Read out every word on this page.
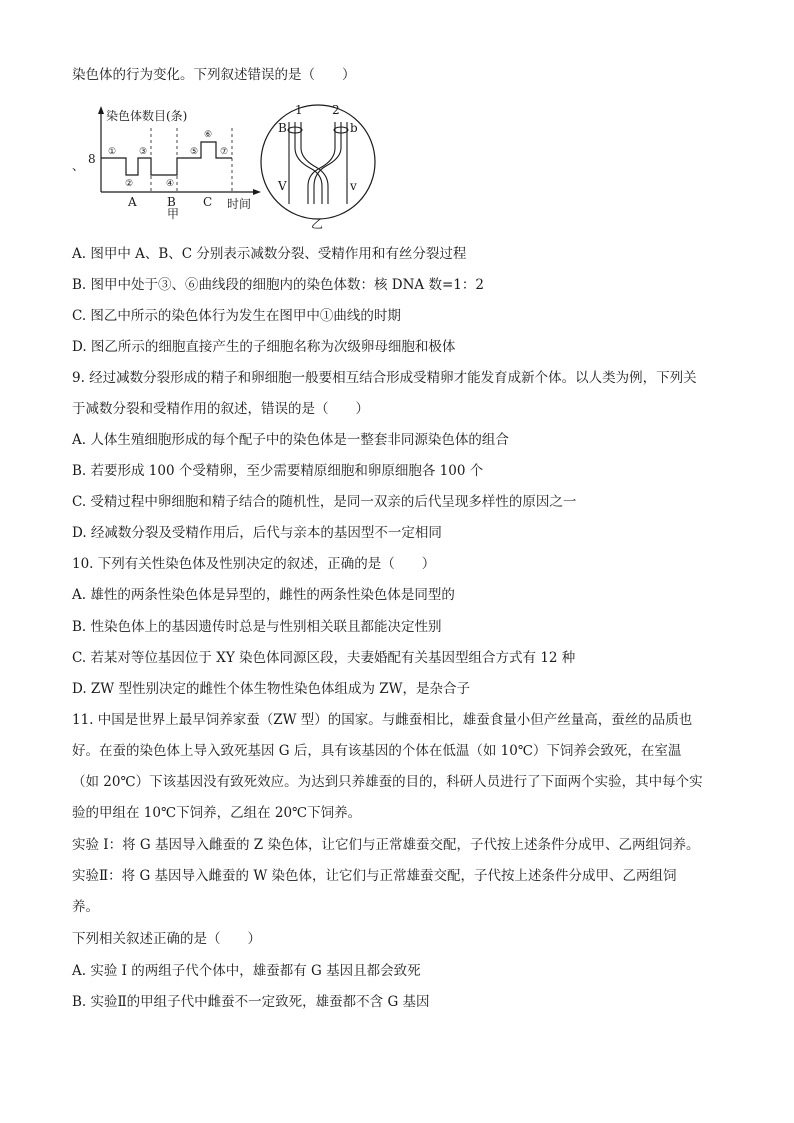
染色体的行为变化。下列叙述错误的是（　　）
、
染色体数目(条)
8 ①
②
③
④
⑤
⑥
⑦
A	B C 时间
甲
1 2
B
V
b
v
乙
A. 图甲中 A、B、C 分别表示减数分裂、受精作用和有丝分裂过程
B. 图甲中处于③、⑥曲线段的细胞内的染色体数：核 DNA 数=1：2
C. 图乙中所示的染色体行为发生在图甲中①曲线的时期
D. 图乙所示的细胞直接产生的子细胞名称为次级卵母细胞和极体
9. 经过减数分裂形成的精子和卵细胞一般要相互结合形成受精卵才能发育成新个体。以人类为例，下列关
于减数分裂和受精作用的叙述，错误的是（　　）
A. 人体生殖细胞形成的每个配子中的染色体是一整套非同源染色体的组合
B. 若要形成 100 个受精卵，至少需要精原细胞和卵原细胞各 100 个
C. 受精过程中卵细胞和精子结合的随机性，是同一双亲的后代呈现多样性的原因之一
D. 经减数分裂及受精作用后，后代与亲本的基因型不一定相同
10. 下列有关性染色体及性别决定的叙述，正确的是（　　）
A. 雄性的两条性染色体是异型的，雌性的两条性染色体是同型的
B. 性染色体上的基因遗传时总是与性别相关联且都能决定性别
C. 若某对等位基因位于 XY 染色体同源区段，夫妻婚配有关基因型组合方式有 12 种
D. ZW 型性别决定的雌性个体生物性染色体组成为 ZW，是杂合子
11. 中国是世界上最早饲养家蚕（ZW 型）的国家。与雌蚕相比，雄蚕食量小但产丝量高，蚕丝的品质也
好。在蚕的染色体上导入致死基因 G 后，具有该基因的个体在低温（如 10℃）下饲养会致死，在室温
（如 20℃）下该基因没有致死效应。为达到只养雄蚕的目的，科研人员进行了下面两个实验，其中每个实
验的甲组在 10℃下饲养，乙组在 20℃下饲养。
实验 I：将 G 基因导入雌蚕的 Z 染色体，让它们与正常雄蚕交配，子代按上述条件分成甲、乙两组饲养。
实验Ⅱ：将 G 基因导入雌蚕的 W 染色体，让它们与正常雄蚕交配，子代按上述条件分成甲、乙两组饲
养。
下列相关叙述正确的是（　　）
A. 实验 I 的两组子代个体中，雄蚕都有 G 基因且都会致死
B. 实验Ⅱ的甲组子代中雌蚕不一定致死，雄蚕都不含 G 基因
